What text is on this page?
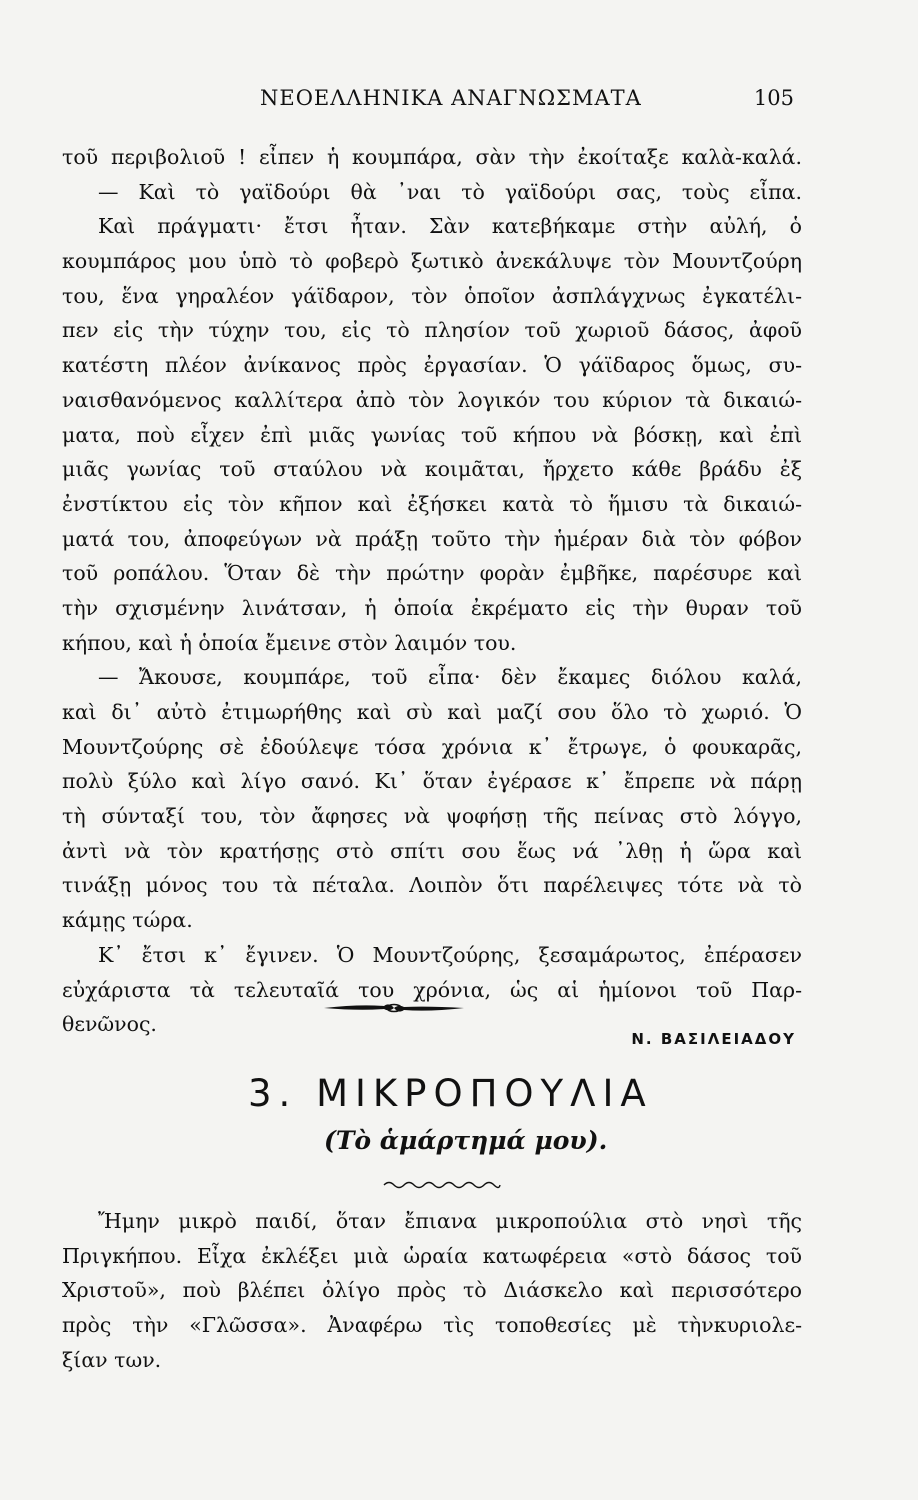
ΝΕΟΕΛΛΗΝΙΚΑ ΑΝΑΓΝΩΣΜΑΤΑ	105
τοῦ περιβολιοῦ ! εἶπεν ἡ κουμπάρα, σὰν τὴν ἐκοίταξε καλὰ-καλά.
— Καὶ τὸ γαϊδούρι θὰ ᾿ναι τὸ γαϊδούρι σας, τοὺς εἶπα.
Καὶ πράγματι· ἔτσι ἦταν. Σὰν κατεβήκαμε στὴν αὐλή, ὁ
κουμπάρος μου ὑπὸ τὸ φοβερὸ ξωτικὸ ἀνεκάλυψε τὸν Μουντζούρη
του, ἕνα γηραλέον γάϊδαρον, τὸν ὁποῖον ἀσπλάγχνως ἐγκατέλι-
πεν εἰς τὴν τύχην του, εἰς τὸ πλησίον τοῦ χωριοῦ δάσος, ἀφοῦ
κατέστη πλέον ἀνίκανος πρὸς ἐργασίαν. Ὁ γάϊδαρος ὅμως, συ-
ναισθανόμενος καλλίτερα ἀπὸ τὸν λογικόν του κύριον τὰ δικαιώ-
ματα, ποὺ εἶχεν ἐπὶ μιᾶς γωνίας τοῦ κήπου νὰ βόσκῃ, καὶ ἐπὶ
μιᾶς γωνίας τοῦ σταύλου νὰ κοιμᾶται, ἤρχετο κάθε βράδυ ἐξ
ἐνστίκτου εἰς τὸν κῆπον καὶ ἐξήσκει κατὰ τὸ ἥμισυ τὰ δικαιώ-
ματά του, ἀποφεύγων νὰ πράξῃ τοῦτο τὴν ἡμέραν διὰ τὸν φόβον
τοῦ ροπάλου. Ὅταν δὲ τὴν πρώτην φορὰν ἐμβῆκε, παρέσυρε καὶ
τὴν σχισμένην λινάτσαν, ἡ ὁποία ἐκρέματο εἰς τὴν θυραν τοῦ
κήπου, καὶ ἡ ὁποία ἔμεινε στὸν λαιμόν του.
— Ἄκουσε, κουμπάρε, τοῦ εἶπα· δὲν ἔκαμες διόλου καλά,
καὶ δι᾿ αὐτὸ ἐτιμωρήθης καὶ σὺ καὶ μαζί σου ὅλο τὸ χωριό. Ὁ
Μουντζούρης σὲ ἐδούλεψε τόσα χρόνια κ᾿ ἔτρωγε, ὁ φουκαρᾶς,
πολὺ ξύλο καὶ λίγο σανό. Κι᾿ ὅταν ἐγέρασε κ᾿ ἔπρεπε νὰ πάρῃ
τὴ σύνταξί του, τὸν ἄφησες νὰ ψοφήσῃ τῆς πείνας στὸ λόγγο,
ἀντὶ νὰ τὸν κρατήσῃς στὸ σπίτι σου ἕως νά ᾿λθῃ ἡ ὥρα καὶ
τινάξῃ μόνος του τὰ πέταλα. Λοιπὸν ὅτι παρέλειψες τότε νὰ τὸ
κάμῃς τώρα.
Κ᾿ ἔτσι κ᾿ ἔγινεν. Ὁ Μουντζούρης, ξεσαμάρωτος, ἐπέρασεν
εὐχάριστα τὰ τελευταῖά του χρόνια, ὡς αἱ ἡμίονοι τοῦ Παρ-
θενῶνος.
Ν. ΒΑΣΙΛΕΙΑΔΟΥ
3. ΜΙΚΡΟΠΟΥΛΙΑ
(Τὸ ἁμάρτημά μου).
Ἤμην μικρὸ παιδί, ὅταν ἔπιανα μικροπούλια στὸ νησὶ τῆς
Πριγκήπου. Εἶχα ἐκλέξει μιὰ ὡραία κατωφέρεια «στὸ δάσος τοῦ
Χριστοῦ», ποὺ βλέπει ὀλίγο πρὸς τὸ Διάσκελο καὶ περισσότερο
πρὸς τὴν «Γλῶσσα». Ἀναφέρω τὶς τοποθεσίες μὲ τὴνκυριολε-
ξίαν των.
